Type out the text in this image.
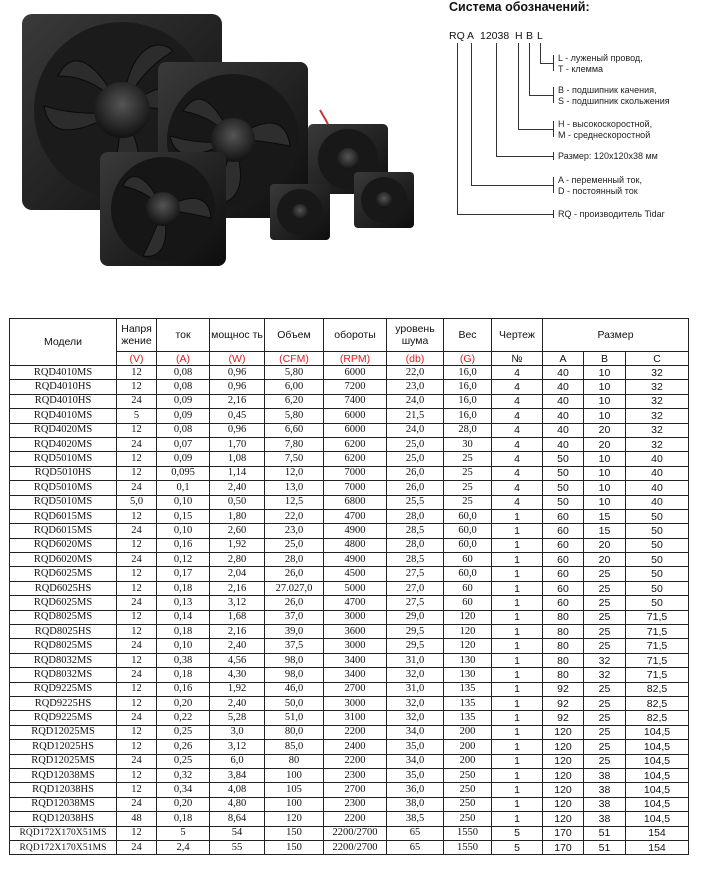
Система обозначений:
RQ A 12038 H B L
L - луженый провод,
T - клемма
B - подшипник качения,
S - подшипник скольжения
H - высокоскоростной,
M - среднескоростной
Размер: 120х120х38 мм
A - переменный ток,
D - постоянный ток
RQ - производитель Tidar
Модели	Напря жение	ток	мощнос ть	Объем	обороты	уровень шума	Вес	Чертеж	Размер		
	(V)	(A)	(W)	(CFM)	(RPM)	(db)	(G)	№	A	B	C
RQD4010MS	12	0,08	0,96	5,80	6000	22,0	16,0	4	40	10	32
RQD4010HS	12	0,08	0,96	6,00	7200	23,0	16,0	4	40	10	32
RQD4010HS	24	0,09	2,16	6,20	7400	24,0	16,0	4	40	10	32
RQD4010MS	5	0,09	0,45	5,80	6000	21,5	16,0	4	40	10	32
RQD4020MS	12	0,08	0,96	6,60	6000	24,0	28,0	4	40	20	32
RQD4020MS	24	0,07	1,70	7,80	6200	25,0	30	4	40	20	32
RQD5010MS	12	0,09	1,08	7,50	6200	25,0	25	4	50	10	40
RQD5010HS	12	0,095	1,14	12,0	7000	26,0	25	4	50	10	40
RQD5010MS	24	0,1	2,40	13,0	7000	26,0	25	4	50	10	40
RQD5010MS	5,0	0,10	0,50	12,5	6800	25,5	25	4	50	10	40
RQD6015MS	12	0,15	1,80	22,0	4700	28,0	60,0	1	60	15	50
RQD6015MS	24	0,10	2,60	23,0	4900	28,5	60,0	1	60	15	50
RQD6020MS	12	0,16	1,92	25,0	4800	28,0	60,0	1	60	20	50
RQD6020MS	24	0,12	2,80	28,0	4900	28,5	60	1	60	20	50
RQD6025MS	12	0,17	2,04	26,0	4500	27,5	60,0	1	60	25	50
RQD6025HS	12	0,18	2,16	27.027,0	5000	27,0	60	1	60	25	50
RQD6025MS	24	0,13	3,12	26,0	4700	27,5	60	1	60	25	50
RQD8025MS	12	0,14	1,68	37,0	3000	29,0	120	1	80	25	71,5
RQD8025HS	12	0,18	2,16	39,0	3600	29,5	120	1	80	25	71,5
RQD8025MS	24	0,10	2,40	37,5	3000	29,5	120	1	80	25	71,5
RQD8032MS	12	0,38	4,56	98,0	3400	31,0	130	1	80	32	71,5
RQD8032MS	24	0,18	4,30	98,0	3400	32,0	130	1	80	32	71,5
RQD9225MS	12	0,16	1,92	46,0	2700	31,0	135	1	92	25	82,5
RQD9225HS	12	0,20	2,40	50,0	3000	32,0	135	1	92	25	82,5
RQD9225MS	24	0,22	5,28	51,0	3100	32,0	135	1	92	25	82,5
RQD12025MS	12	0,25	3,0	80,0	2200	34,0	200	1	120	25	104,5
RQD12025HS	12	0,26	3,12	85,0	2400	35,0	200	1	120	25	104,5
RQD12025MS	24	0,25	6,0	80	2200	34,0	200	1	120	25	104,5
RQD12038MS	12	0,32	3,84	100	2300	35,0	250	1	120	38	104,5
RQD12038HS	12	0,34	4,08	105	2700	36,0	250	1	120	38	104,5
RQD12038MS	24	0,20	4,80	100	2300	38,0	250	1	120	38	104,5
RQD12038HS	48	0,18	8,64	120	2200	38,5	250	1	120	38	104,5
RQD172X170X51MS	12	5	54	150	2200/2700	65	1550	5	170	51	154
RQD172X170X51MS	24	2,4	55	150	2200/2700	65	1550	5	170	51	154
